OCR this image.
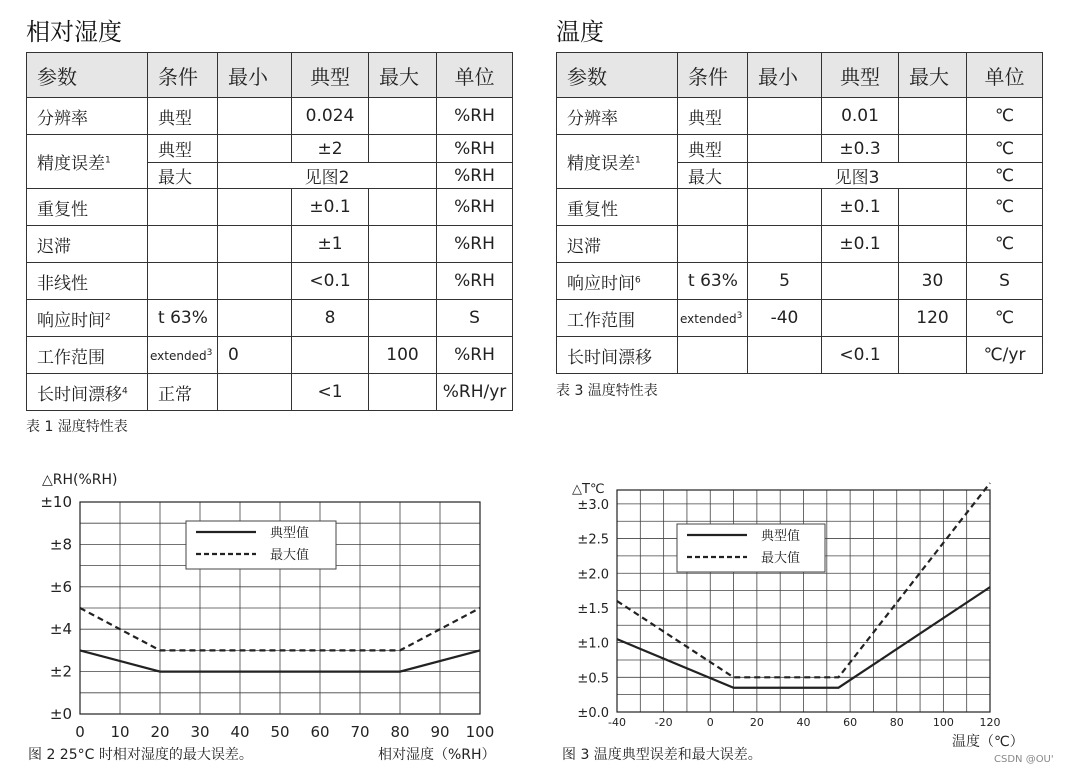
相对湿度
参数	条件	最小	典型	最大	单位
分辨率	典型		0.024		%RH
精度误差$^1$	典型		±2		%RH
	最大	见图2			%RH
重复性			±0.1		%RH
迟滞			±1		%RH
非线性			<0.1		%RH
响应时间$^2$	t 63%		8		S
工作范围	extended$^3$	0		100	%RH
长时间漂移$^4$	正常		<1		%RH/yr
表 1 湿度特性表
温度
参数	条件	最小	典型	最大	单位
分辨率	典型		0.01		℃
精度误差$^1$	典型		±0.3		℃
	最大	见图3			℃
重复性			±0.1		℃
迟滞			±0.1		℃
响应时间$^6$	t 63%	5		30	S
工作范围	extended$^3$	-40		120	℃
长时间漂移			<0.1		℃/yr
表 3 温度特性表
±0
±2
±4
±6
±8
±10
0 10 20 30 40 50 60 70 80 90 100
△RH(%RH)
典型值
最大值
±0.0
±0.5
±1.0
±1.5
±2.0
±2.5
±3.0
-40	-20	0	20	40	60	80	100 120
△T℃
典型值
最大值
图 2 25°C 时相对湿度的最大误差。	相对湿度（%RH）
温度（℃）
图 3 温度典型误差和最大误差。	CSDN @OU'
